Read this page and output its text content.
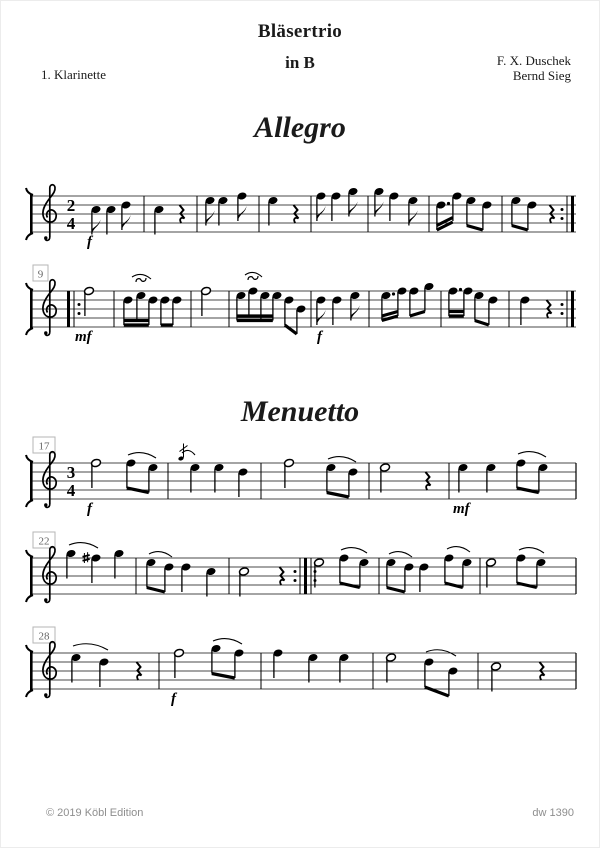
Bläsertrio
in B	F. X. Duschek
Bernd Sieg
1. Klarinette
Allegro
Menuetto
2
4
f
9
mf	f
17
3
4
f	mf
22
28
f
© 2019 Köbl Edition	dw 1390
